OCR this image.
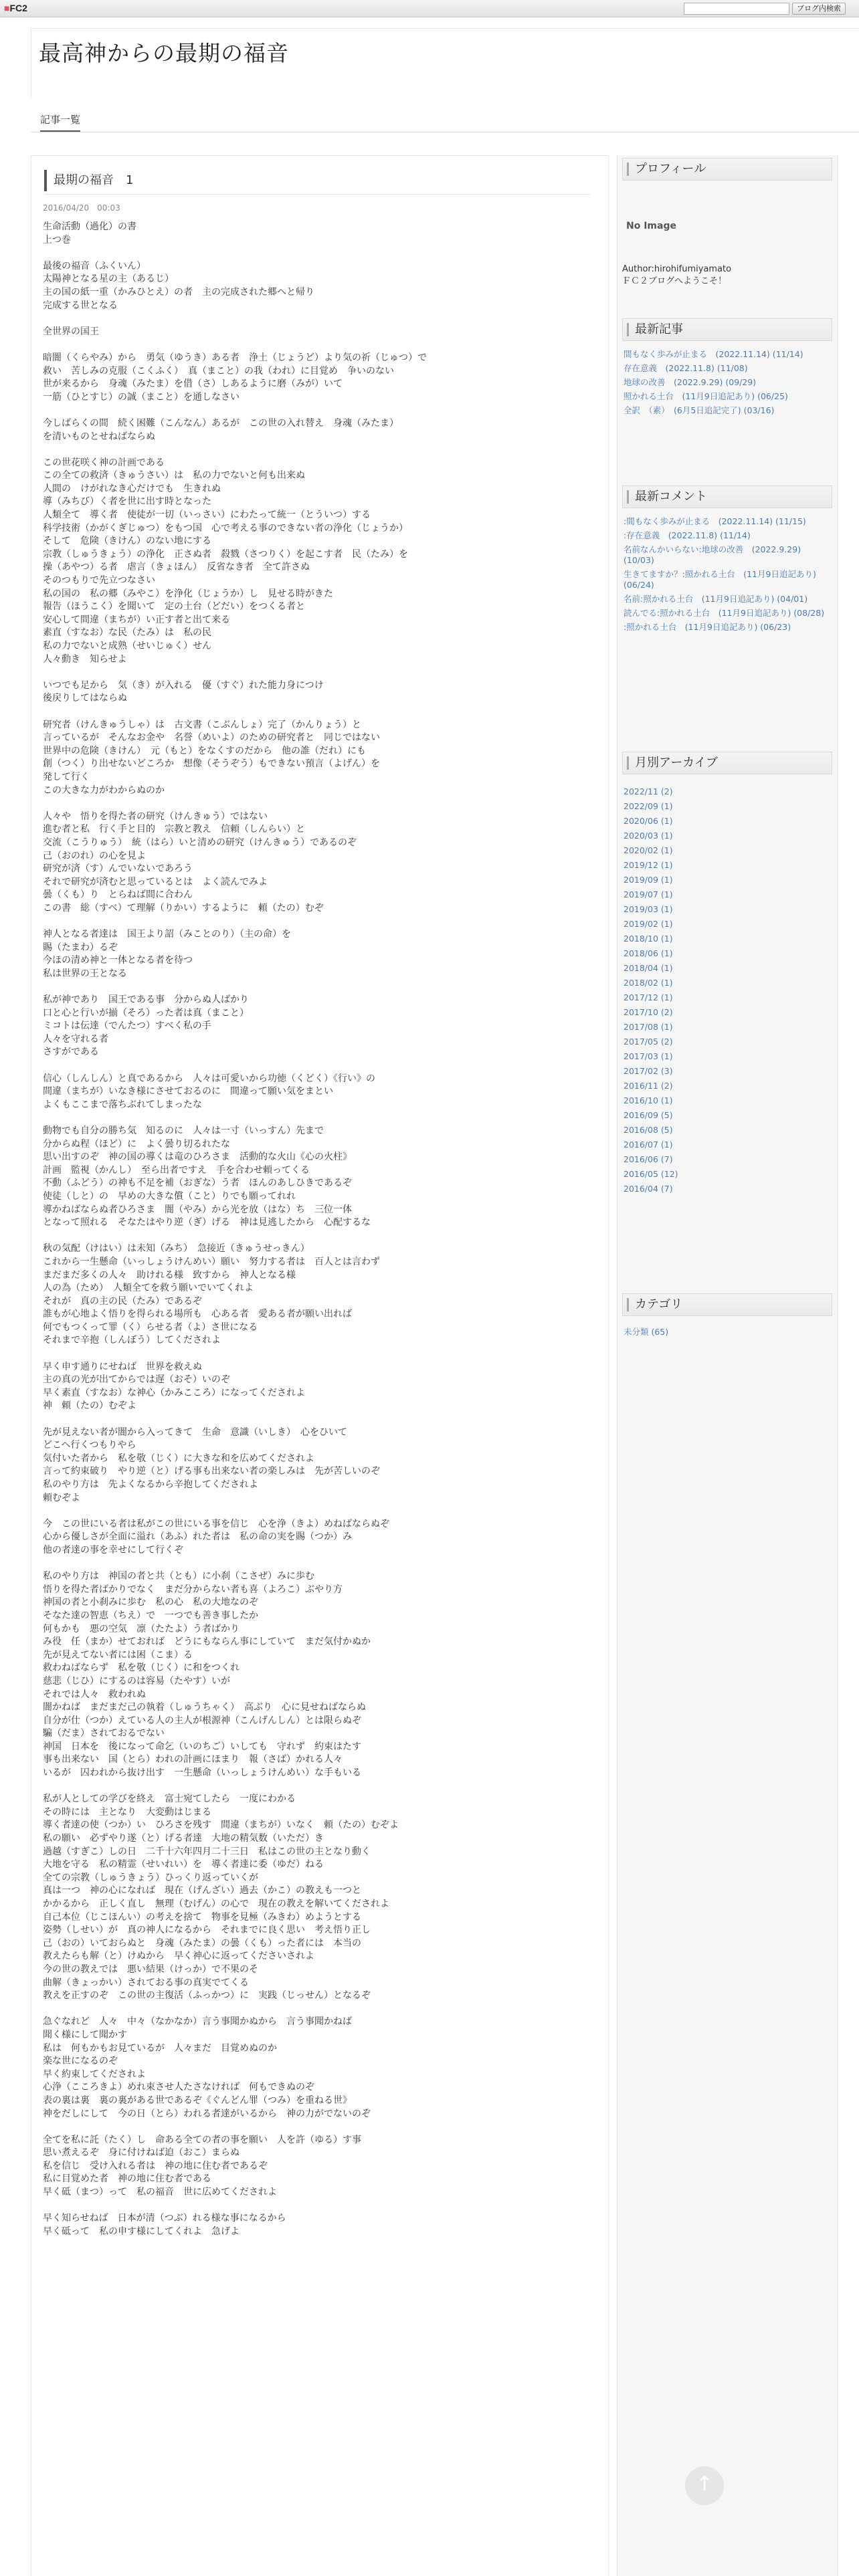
■FC2	ブログ内検索
最高神からの最期の福音
記事一覧
最期の福音　1
2016/04/20　00:03
生命活動（過化）の書
上つ巻
最後の福音（ふくいん）
太陽神となる星の主（あるじ）
主の国の紙一重（かみひとえ）の者　主の完成された郷へと帰り
完成する世となる
全世界の国王
暗闇（くらやみ）から　勇気（ゆうき）ある者　浄土（じょうど）より気の祈（じゅつ）で
救い　苦しみの克服（こくふく）　真（まこと）の我（われ）に目覚め　争いのない
世が来るから　身魂（みたま）を借（さ）しあるように磨（みが）いて
一筋（ひとすじ）の誠（まこと）を通しなさい
今しばらくの間　続く困難（こんなん）あるが　この世の入れ替え　身魂（みたま）
を清いものとせねばならぬ
この世花咲く神の計画である
この全ての救済（きゅうさい）は　私の力でないと何も出来ぬ
人間の　けがれなき心だけでも　生きれぬ
導（みちび）く者を世に出す時となった
人類全て　導く者　使徒が一切（いっさい）にわたって統一（とういつ）する
科学技術（かがくぎじゅつ）をもつ国　心で考える事のできない者の浄化（じょうか）
そして　危険（きけん）のない地にする
宗教（しゅうきょう）の浄化　正さぬ者　殺戮（さつりく）を起こす者　民（たみ）を
操（あやつ）る者　虐言（きょほん）　反省なき者　全て許さぬ
そのつもりで先立つなさい
私の国の　私の郷（みやこ）を浄化（じょうか）し　見せる時がきた
報告（ほうこく）を聞いて　定の土台（どだい）をつくる者と
安心して間違（まちが）い正す者と出て来る
素直（すなお）な民（たみ）は　私の民
私の力でないと成熟（せいじゅく）せん
人々動き　知らせよ
いつでも足から　気（き）が入れる　優（すぐ）れた能力身につけ
後戻りしてはならぬ
研究者（けんきゅうしゃ）は　古文書（こぶんしょ）完了（かんりょう）と
言っているが　そんなお金や　名誉（めいよ）のための研究者と　同じではない
世界中の危険（きけん）　元（もと）をなくすのだから　他の誰（だれ）にも
創（つく）り出せないどころか　想像（そうぞう）もできない預言（よげん）を
発して行く
この大きな力がわからぬのか
人々や　悟りを得た者の研究（けんきゅう）ではない
進む者と私　行く手と目的　宗教と教え　信頼（しんらい）と
交流（こうりゅう）　統（はら）いと清めの研究（けんきゅう）であるのぞ
己（おのれ）の心を見よ
研究が済（す）んでいないであろう
それで研究が済むと思っているとは　よく読んでみよ
曇（くも）り　とらねば間に合わん
この書　総（すべ）て理解（りかい）するように　頼（たの）むぞ
神人となる者達は　国王より詔（みことのり）（主の命）を
賜（たまわ）るぞ
今ほの清め神と一体となる者を待つ
私は世界の王となる
私が神であり　国王である事　分からぬ人ばかり
口と心と行いが揃（そろ）った者は真（まこと）
ミコトは伝達（でんたつ）すべく私の手
人々を守れる者
さすがである
信心（しんしん）と真であるから　人々は可愛いから功徳（くどく）《行い》の
間違（まちが）いなき様にさせておるのに　間違って願い気をまとい
よくもここまで落ちぶれてしまったな
動物でも自分の勝ち気　知るのに　人々は一寸（いっすん）先まで
分からぬ程（ほど）に　よく曇り切るれたな
思い出すのぞ　神の国の導くは竜のひろさま　活動的な火山《心の火柱》
計画　監視（かんし）　至ら出者ですえ　手を合わせ頼ってくる
不動（ふどう）の神も不足を補（おぎな）う者　ほんのあしひきであるぞ
使徒（しと）の　早めの大きな償（こと）りでも願ってれれ
導かねばならぬ者ひろさま　闇（やみ）から光を放（はな）ち　三位一体
となって照れる　そなたはやり逆（ぎ）げる　神は見逃したから　心配するな
秋の気配（けはい）は未知（みち）　急接近（きゅうせっきん）
これから一生懸命（いっしょうけんめい）願い　努力する者は　百人とは言わず
まだまだ多くの人々　助けれる様　致すから　神人となる様
人の為（ため）　人類全てを救う願いでいてくれよ
それが　真の主の民（たみ）であるぞ
誰もが心地よく悟りを得られる場所も　心ある者　愛ある者が願い出れば
何でもつくって罪（く）らせる者（よ）さ世になる
それまで辛抱（しんぼう）してくだされよ
早く申す通りにせねば　世界を救えぬ
主の真の光が出てからでは遅（おそ）いのぞ
早く素直（すなお）な神心（かみこころ）になってくだされよ
神　頼（たの）むぞよ
先が見えない者が闇から入ってきて　生命　意識（いしき）　心をひいて
どこへ行くつもりやら
気付いた者から　私を敬（じく）に大きな和を広めてくだされよ
言って約束破り　やり逆（と）げる事も出来ない者の楽しみは　先が苦しいのぞ
私のやり方は　先よくなるから辛抱してくだされよ
頼むぞよ
今　この世にいる者は私がこの世にいる事を信じ　心を浄（きよ）めねばならぬぞ
心から優しさが全面に溢れ（あふ）れた者は　私の命の実を賜（つか）み
他の者達の事を幸せにして行くぞ
私のやり方は　神国の者と共（とも）に小刹（こさぜ）みに歩む
悟りを得た者ばかりでなく　まだ分からない者も喜（よろこ）ぶやり方
神国の者と小刹みに歩む　私の心　私の大地なのぞ
そなた達の智恵（ちえ）で　一つでも善き事したか
何もかも　悪の空気　凛（たたよ）う者ばかり
み役　任（まか）せておれば　どうにもならん事にしていて　まだ気付かぬか
先が見えてない者には困（こま）る
救わねばならず　私を敬（じく）に和をつくれ
慈悲（じひ）にするのは容易（たやす）いが
それでは人々　救われぬ
闇かねば　まだまだ己の執着（しゅうちゃく）　高ぶり　心に見せねばならぬ
自分が仕（つか）えている人の主人が根源神（こんげんしん）とは限らぬぞ
騙（だま）されておるでない
神国　日本を　後になって命乞（いのちご）いしても　守れず　約束はたす
事も出来ない　国（とら）われの計画にほまり　報（さば）かれる人々
いるが　囚われから抜け出す　一生懸命（いっしょうけんめい）な手もいる
私が人としての学びを終え　富士宛てしたら　一度にわかる
その時には　主となり　大変動はじまる
導く者達の使（つか）い　ひろさを残す　間違（まちが）いなく　頼（たの）むぞよ
私の願い　必ずやり遂（と）げる者達　大地の精気数（いただ）き
過越（すぎこ）しの日　二千十六年四月二十三日　私はこの世の主となり動く
大地を守る　私の精霊（せいれい）を　導く者達に委（ゆだ）ねる
全ての宗教（しゅうきょう）ひっくり返っていくが
真は一つ　神の心になれば　現在（げんざい）過去（かこ）の教えも一つと
かかるから　正しく直し　無理（むげん）の心で　現在の教えを解いてくだされよ
自己本位（じこほんい）の考えを捨て　物事を見極（みきわ）めようとする
姿勢（しせい）が　真の神人になるから　それまでに良く思い　考え悟り正し
己（おの）いておらぬと　身魂（みたま）の曇（くも）った者には　本当の
教えたらも解（と）けぬから　早く神心に返ってくださいされよ
今の世の教えでは　悪い結果（けっか）で不果のそ
曲解（きょっかい）されておる事の真実でてくる
教えを正すのぞ　この世の主復活（ふっかつ）に　実践（じっせん）となるぞ
急ぐなれど　人々　中々（なかなか）言う事聞かぬから　言う事聞かねば
聞く様にして聞かす
私は　何もかもお見ているが　人々まだ　目覚めぬのか
楽な世になるのぞ
早く約束してくだされよ
心浄（こころきよ）めれ束させ人たさなければ　何もできぬのぞ
表の裏は裏　裏の裏がある世であるぞ《ぐんどん罪（つみ）を重ねる世》
神をだしにして　今の日（とら）われる者達がいるから　神の力がでないのぞ
全てを私に託（たく）し　命ある全ての者の事を願い　人を許（ゆる）す事
思い煮えるぞ　身に付けねば迫（おこ）まらぬ
私を信じ　受け入れる者は　神の地に住む者であるぞ
私に目覚めた者　神の地に住む者である
早く砥（まつ）って　私の福音　世に広めてくだされよ
早く知らせねば　日本が清（つぶ）れる様な事になるから
早く砥って　私の申す様にしてくれよ　急げよ
プロフィール
No Image
Author:hirohifumiyamato
ＦＣ２ブログへようこそ！
最新記事
間もなく歩みが止まる　(2022.11.14) (11/14)
存在意義　(2022.11.8) (11/08)
地球の改善　(2022.9.29) (09/29)
照かれる土台　(11月9日追記あり) (06/25)
全訳　（素）　(6月5日追記完了) (03/16)
最新コメント
:間もなく歩みが止まる　(2022.11.14) (11/15)
:存在意義　(2022.11.8) (11/14)
名前なんかいらない:地球の改善　(2022.9.29) (10/03)
生きてますか？:照かれる土台　(11月9日追記あり) (06/24)
名前:照かれる土台　(11月9日追記あり) (04/01)
読んでる:照かれる土台　(11月9日追記あり) (08/28)
:照かれる土台　(11月9日追記あり) (06/23)
月別アーカイブ
2022/11 (2)
2022/09 (1)
2020/06 (1)
2020/03 (1)
2020/02 (1)
2019/12 (1)
2019/09 (1)
2019/07 (1)
2019/03 (1)
2019/02 (1)
2018/10 (1)
2018/06 (1)
2018/04 (1)
2018/02 (1)
2017/12 (1)
2017/10 (2)
2017/08 (1)
2017/05 (2)
2017/03 (1)
2017/02 (3)
2016/11 (2)
2016/10 (1)
2016/09 (5)
2016/08 (5)
2016/07 (1)
2016/06 (7)
2016/05 (12)
2016/04 (7)
カテゴリ
未分類 (65)
↑
